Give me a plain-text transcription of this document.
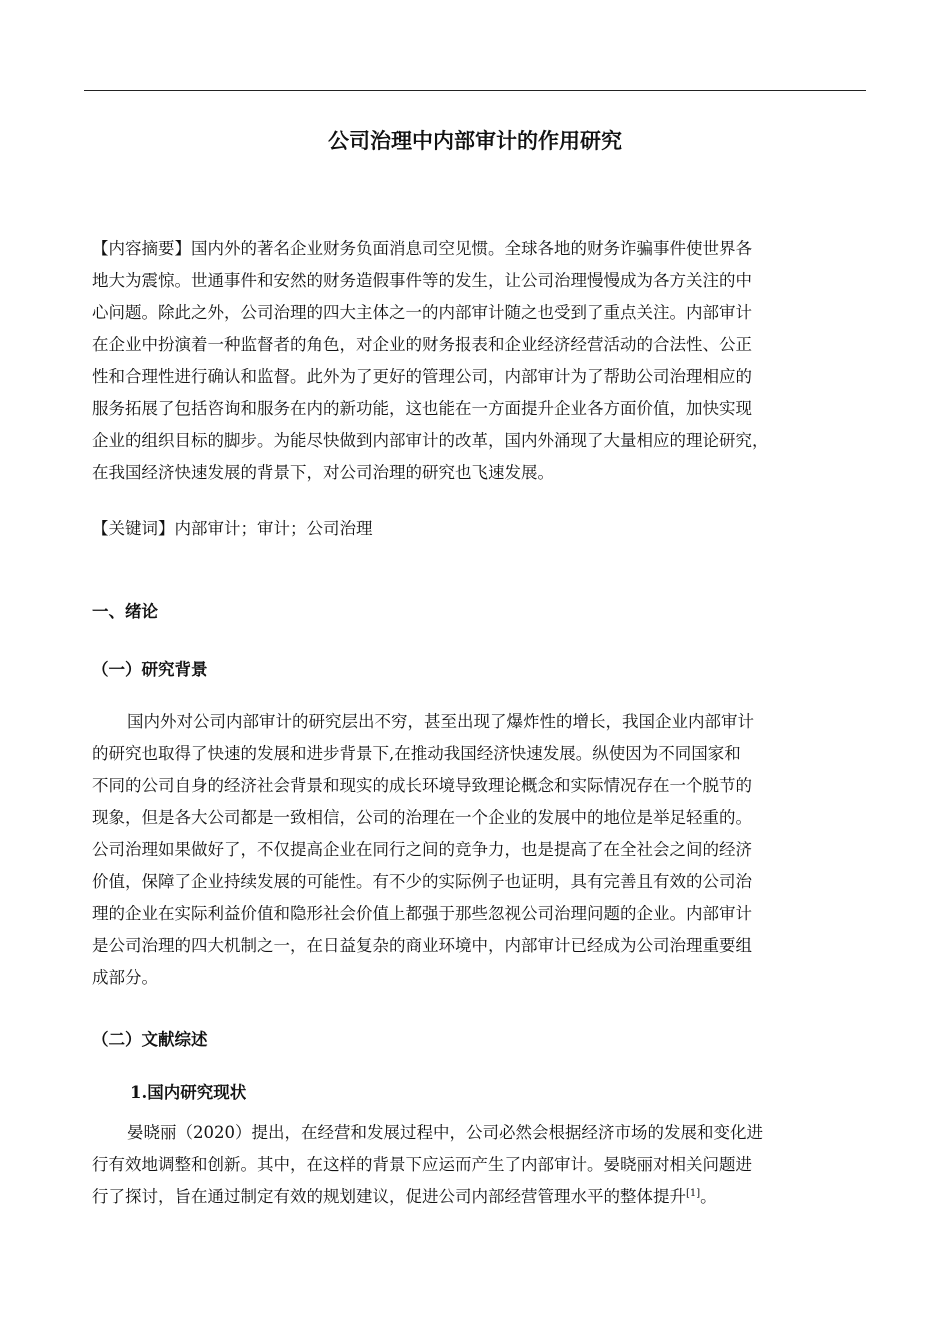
公司治理中内部审计的作用研究
【内容摘要】国内外的著名企业财务负面消息司空见惯。全球各地的财务诈骗事件使世界各
地大为震惊。世通事件和安然的财务造假事件等的发生，让公司治理慢慢成为各方关注的中
心问题。除此之外，公司治理的四大主体之一的内部审计随之也受到了重点关注。内部审计
在企业中扮演着一种监督者的角色，对企业的财务报表和企业经济经营活动的合法性、公正
性和合理性进行确认和监督。此外为了更好的管理公司，内部审计为了帮助公司治理相应的
服务拓展了包括咨询和服务在内的新功能，这也能在一方面提升企业各方面价值，加快实现
企业的组织目标的脚步。为能尽快做到内部审计的改革，国内外涌现了大量相应的理论研究，
在我国经济快速发展的背景下，对公司治理的研究也飞速发展。
【关键词】内部审计；审计；公司治理
一、绪论
（一）研究背景
国内外对公司内部审计的研究层出不穷，甚至出现了爆炸性的增长，我国企业内部审计
的研究也取得了快速的发展和进步背景下,在推动我国经济快速发展。纵使因为不同国家和
不同的公司自身的经济社会背景和现实的成长环境导致理论概念和实际情况存在一个脱节的
现象，但是各大公司都是一致相信，公司的治理在一个企业的发展中的地位是举足轻重的。
公司治理如果做好了，不仅提高企业在同行之间的竞争力，也是提高了在全社会之间的经济
价值，保障了企业持续发展的可能性。有不少的实际例子也证明，具有完善且有效的公司治
理的企业在实际利益价值和隐形社会价值上都强于那些忽视公司治理问题的企业。内部审计
是公司治理的四大机制之一，在日益复杂的商业环境中，内部审计已经成为公司治理重要组
成部分。
（二）文献综述
1.国内研究现状
晏晓丽（2020）提出，在经营和发展过程中，公司必然会根据经济市场的发展和变化进
行有效地调整和创新。其中，在这样的背景下应运而产生了内部审计。晏晓丽对相关问题进
行了探讨，旨在通过制定有效的规划建议，促进公司内部经营管理水平的整体提升[1]。
